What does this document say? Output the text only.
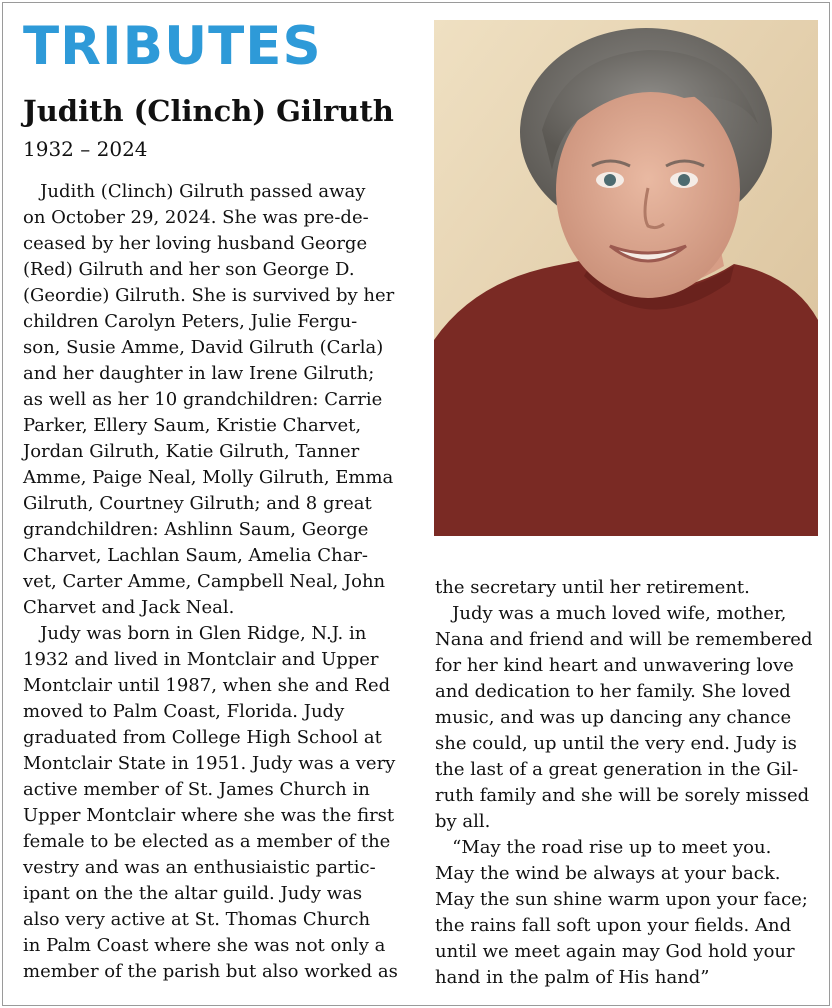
TRIBUTES
Judith (Clinch) Gilruth
1932 – 2024
Judith (Clinch) Gilruth passed away
on October 29, 2024. She was pre-de-
ceased by her loving husband George
(Red) Gilruth and her son George D.
(Geordie) Gilruth. She is survived by her
children Carolyn Peters, Julie Fergu-
son, Susie Amme, David Gilruth (Carla)
and her daughter in law Irene Gilruth;
as well as her 10 grandchildren: Carrie
Parker, Ellery Saum, Kristie Charvet,
Jordan Gilruth, Katie Gilruth, Tanner
Amme, Paige Neal, Molly Gilruth, Emma
Gilruth, Courtney Gilruth; and 8 great
grandchildren: Ashlinn Saum, George
Charvet, Lachlan Saum, Amelia Char-
vet, Carter Amme, Campbell Neal, John
Charvet and Jack Neal.
Judy was born in Glen Ridge, N.J. in
1932 and lived in Montclair and Upper
Montclair until 1987, when she and Red
moved to Palm Coast, Florida. Judy
graduated from College High School at
Montclair State in 1951. Judy was a very
active member of St. James Church in
Upper Montclair where she was the first
female to be elected as a member of the
vestry and was an enthusiaistic partic-
ipant on the the altar guild. Judy was
also very active at St. Thomas Church
in Palm Coast where she was not only a
member of the parish but also worked as
the secretary until her retirement.
Judy was a much loved wife, mother,
Nana and friend and will be remembered
for her kind heart and unwavering love
and dedication to her family. She loved
music, and was up dancing any chance
she could, up until the very end. Judy is
the last of a great generation in the Gil-
ruth family and she will be sorely missed
by all.
“May the road rise up to meet you.
May the wind be always at your back.
May the sun shine warm upon your face;
the rains fall soft upon your fields. And
until we meet again may God hold your
hand in the palm of His hand”
